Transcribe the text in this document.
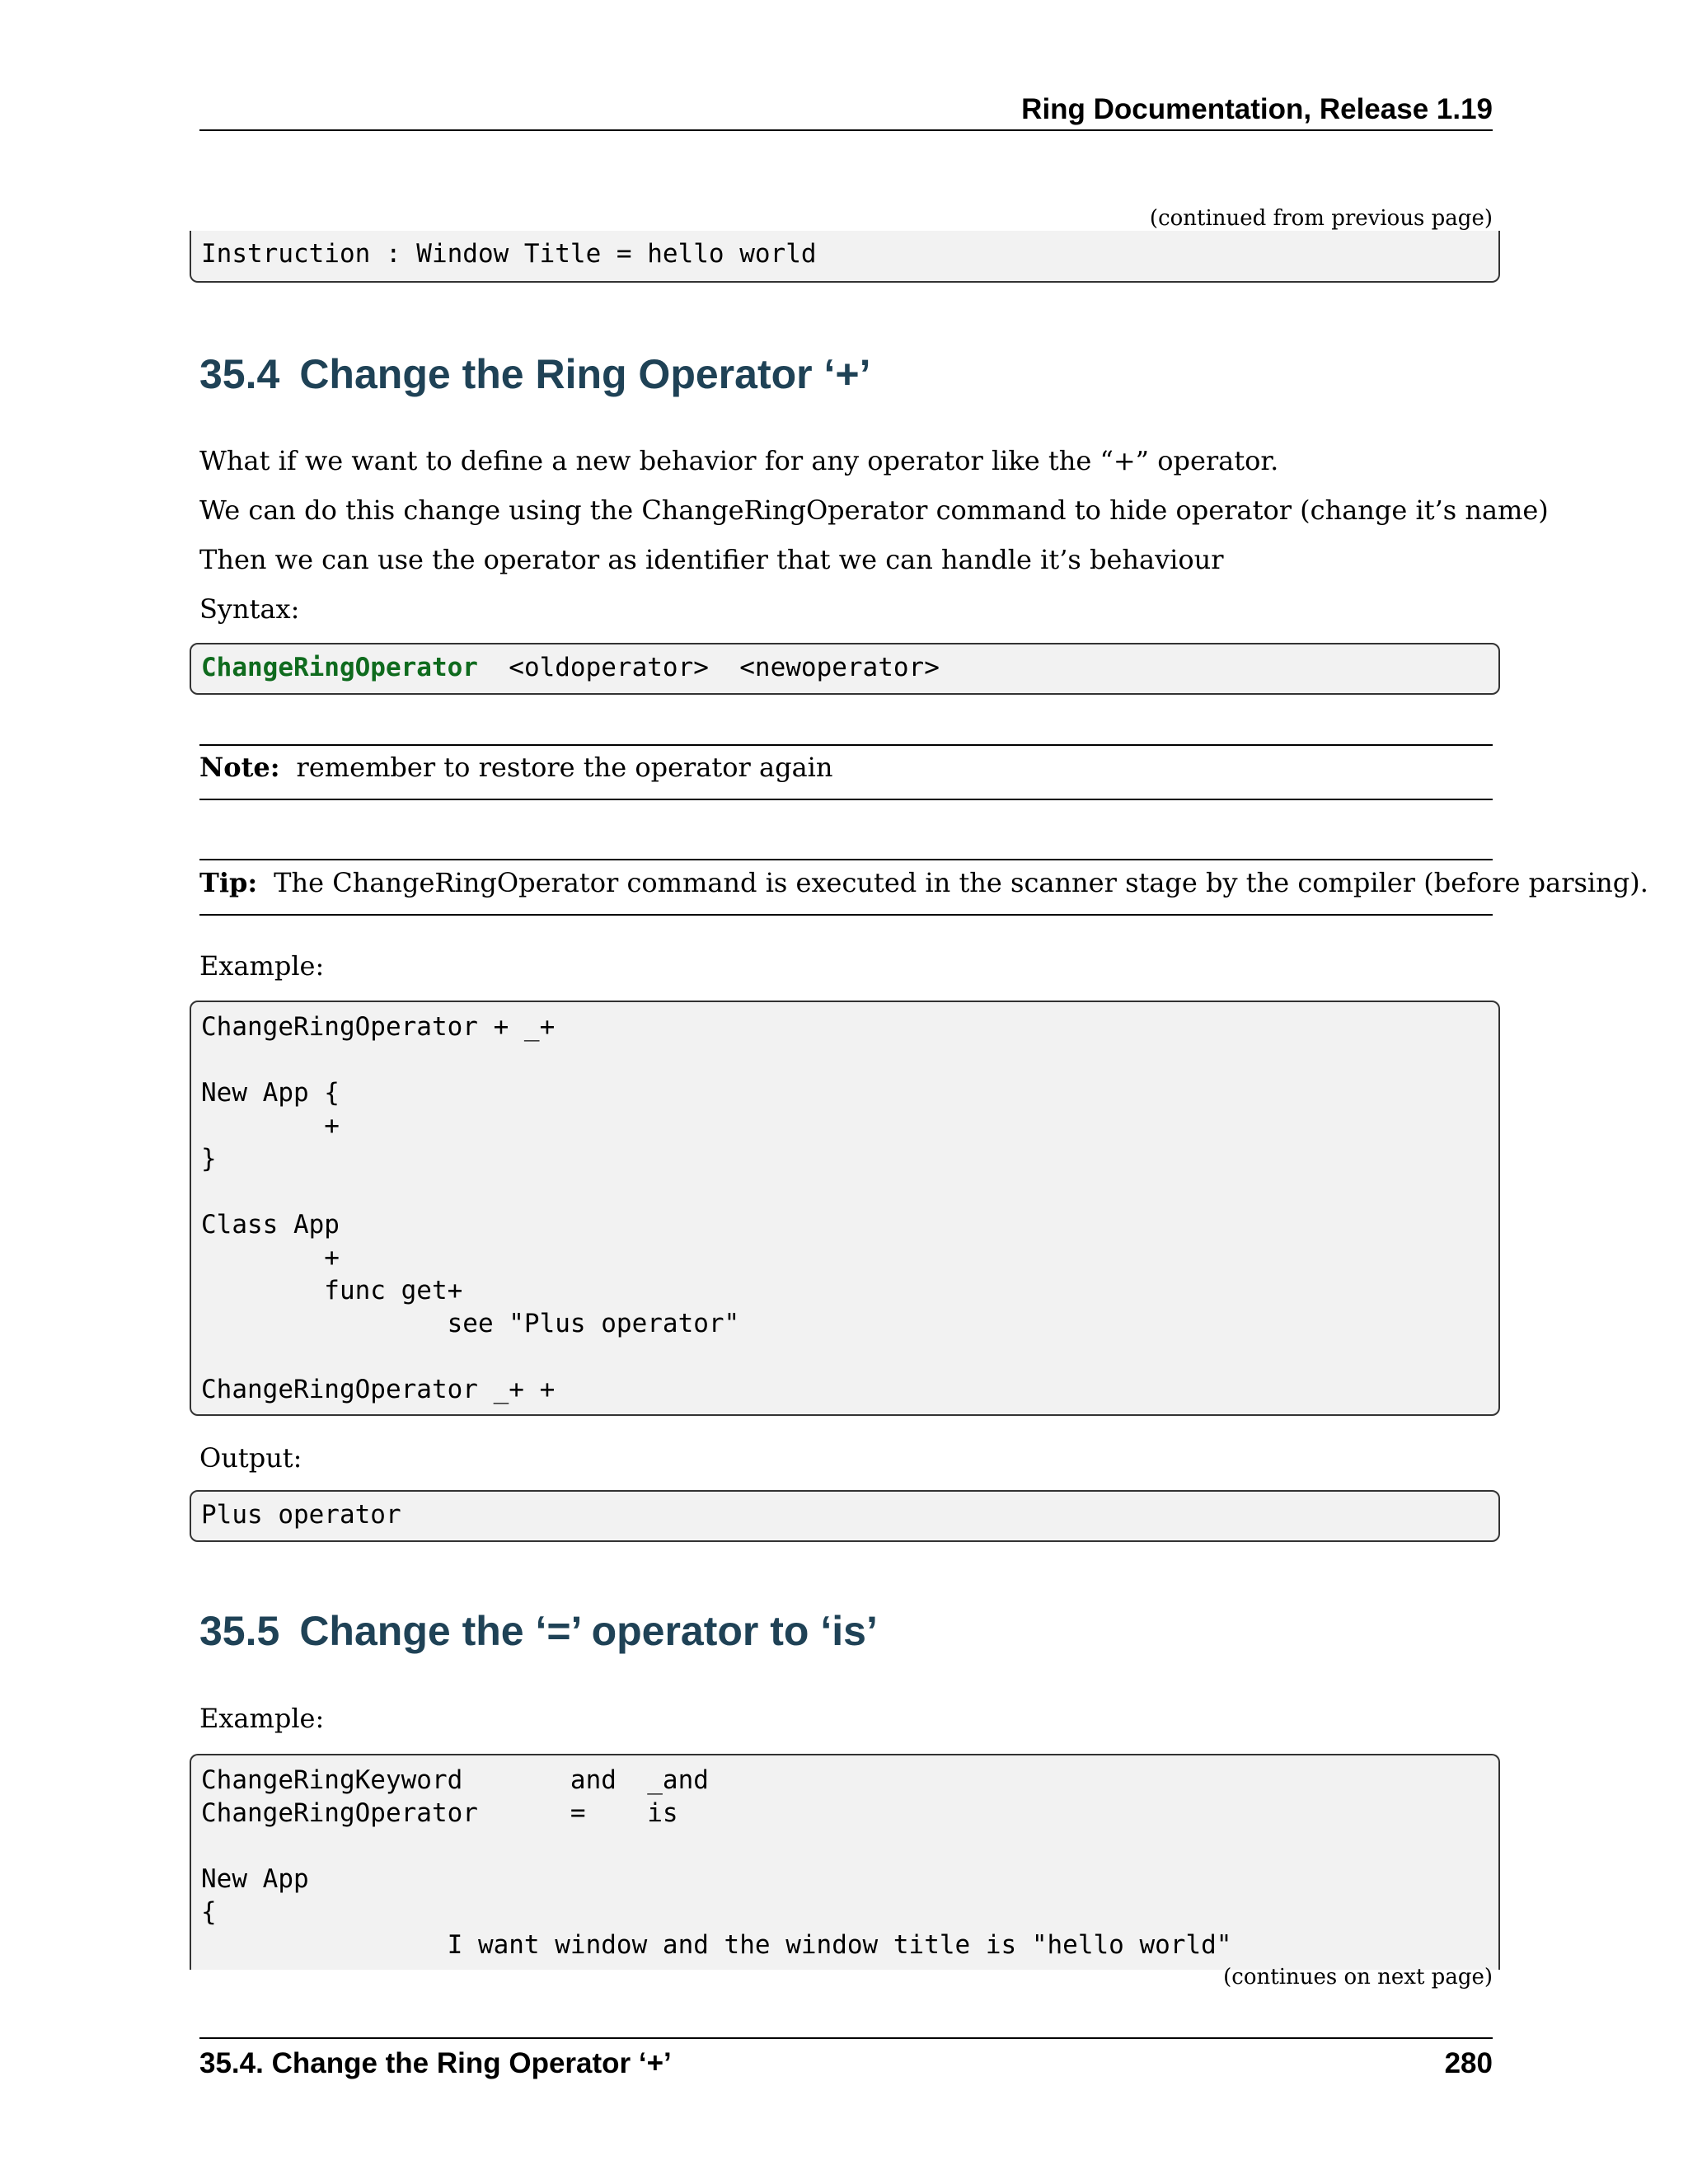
Ring Documentation, Release 1.19
(continued from previous page)
Instruction : Window Title = hello world
35.4 Change the Ring Operator ‘+’
What if we want to define a new behavior for any operator like the “+” operator.
We can do this change using the ChangeRingOperator command to hide operator (change it’s name)
Then we can use the operator as identifier that we can handle it’s behaviour
Syntax:
ChangeRingOperator <oldoperator> <newoperator>
Note: remember to restore the operator again
Tip: The ChangeRingOperator command is executed in the scanner stage by the compiler (before parsing).
Example:
ChangeRingOperator + _+

New App {
+
}

Class App
+
func get+
see "Plus operator"

ChangeRingOperator _+ +
Output:
Plus operator
35.5 Change the ‘=’ operator to ‘is’
Example:
ChangeRingKeyword       and  _and
ChangeRingOperator      =    is

New App
{
I want window and the window title is "hello world"
(continues on next page)
35.4. Change the Ring Operator ‘+’	280
